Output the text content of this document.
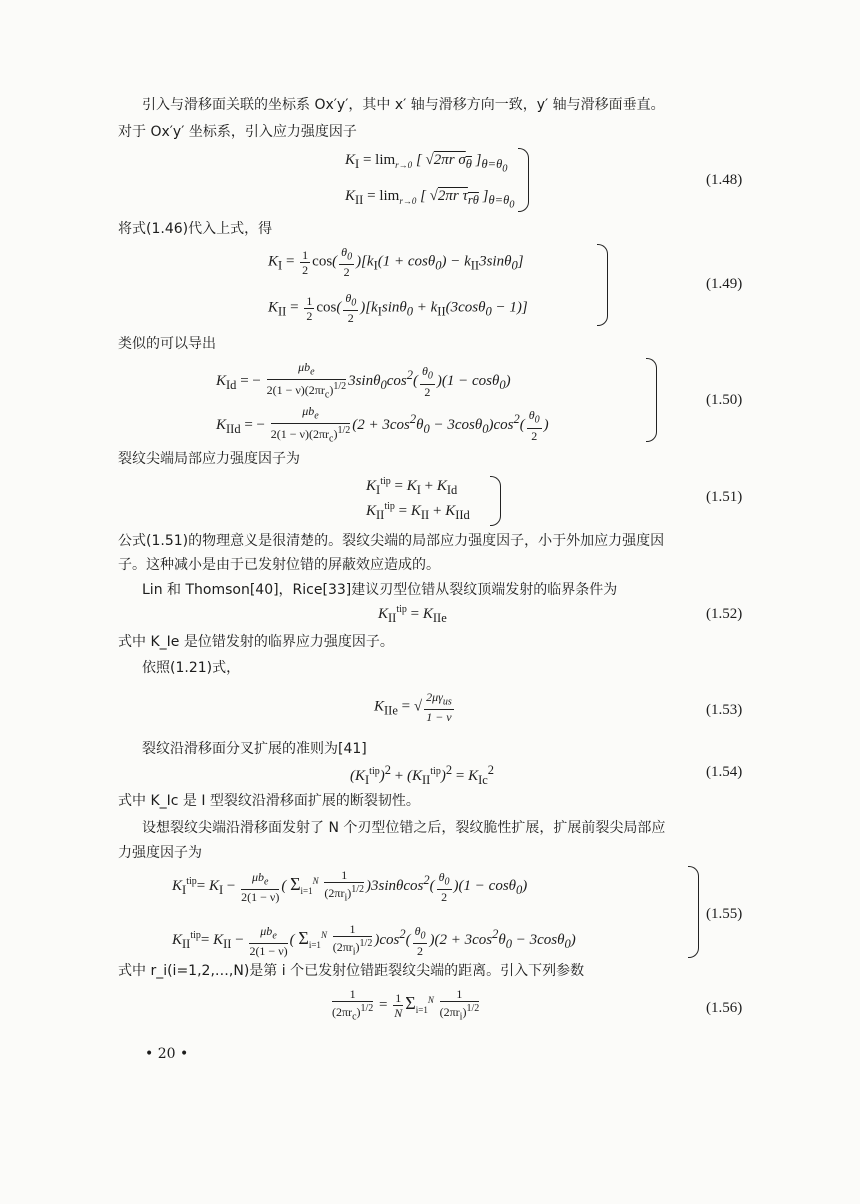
引入与滑移面关联的坐标系 Ox′y′，其中 x′ 轴与滑移方向一致，y′ 轴与滑移面垂直。
对于 Ox′y′ 坐标系，引入应力强度因子
$K_I = \lim_{r\to 0}$ [ √2πr $\sigma_\theta$ ]$_{\theta=\theta_0}$
$K_{II} = \lim_{r\to 0}$ [ √2πr $\tau_{r\theta}$ ]$_{\theta=\theta_0}$
(1.48)
将式(1.46)代入上式，得
$K_I = \frac{1}{2} \cos( \frac{\theta_0}{2} )[k_I(1 + \cos\theta_0) - k_{II}3\sin\theta_0]$
$K_{II} = \frac{1}{2} \cos( \frac{\theta_0}{2} )[k_I\sin\theta_0 + k_{II}(3\cos\theta_0 - 1)]$
(1.49)
类似的可以导出
$K_{Id}$ = − $\frac{\mu b_e}{2(1 - \nu)(2\pi r_c)^{1/2}} 3\sin\theta_0\cos^2( \frac{\theta_0}{2} )(1 - \cos\theta_0)$
$K_{IId}$ = − $\frac{\mu b_e}{2(1 - \nu)(2\pi r_c)^{1/2}} (2 + 3\cos^2\theta_0 - 3\cos\theta_0)\cos^2( \frac{\theta_0}{2}$ )
(1.50)
裂纹尖端局部应力强度因子为
$K_I^{tip} = K_I + K_{Id}$
$K_{II}^{tip} = K_{II} + K_{IId}$
(1.51)
公式(1.51)的物理意义是很清楚的。裂纹尖端的局部应力强度因子，小于外加应力强度因
子。这种减小是由于已发射位错的屏蔽效应造成的。
Lin 和 Thomson[40]，Rice[33]建议刃型位错从裂纹顶端发射的临界条件为
$K_{II}^{tip} = K_{IIe}$	(1.52)
式中 K_Ie 是位错发射的临界应力强度因子。
依照(1.21)式，
$K_{IIe}$ = √ $\frac{2\mu\gamma_{us}}{1 - \nu}$	(1.53)
裂纹沿滑移面分叉扩展的准则为[41]
$(K_I^{tip})^2 + (K_{II}^{tip})^2 = K_{Ic}^2$	(1.54)
式中 K_Ic 是 I 型裂纹沿滑移面扩展的断裂韧性。
设想裂纹尖端沿滑移面发射了 N 个刃型位错之后，裂纹脆性扩展，扩展前裂尖局部应
力强度因子为
$K_I^{tip}= K_I - \frac{\mu b_e}{2(1 - \nu)}$ ( $\Sigma_{i=1}^N \frac{1}{(2\pi r_i)^{1/2}} )3\sin\theta\cos^2( \frac{\theta_0}{2} )(1 - \cos\theta_0)$
$K_{II}^{tip}= K_{II} - \frac{\mu b_e}{2(1 - \nu)}$ ( $\Sigma_{i=1}^N \frac{1}{(2\pi r_i)^{1/2}} )\cos^2( \frac{\theta_0}{2} )(2 + 3\cos^2\theta_0 - 3\cos\theta_0)$
(1.55)
式中 r_i(i=1,2,…,N)是第 i 个已发射位错距裂纹尖端的距离。引入下列参数
$\frac{1}{(2\pi r_c)^{1/2}} = \frac{1}{N} \Sigma_{i=1}^N \frac{1}{(2\pi r_i)^{1/2}}$	(1.56)
• 20 •
